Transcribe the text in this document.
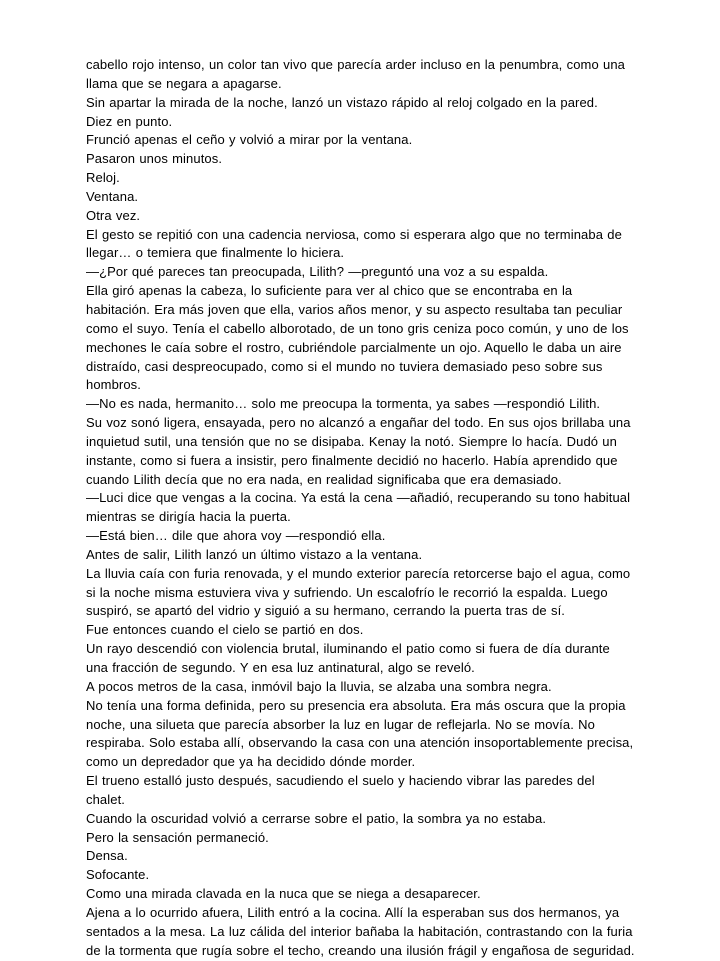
cabello rojo intenso, un color tan vivo que parecía arder incluso en la penumbra, como una llama que se negara a apagarse.

Sin apartar la mirada de la noche, lanzó un vistazo rápido al reloj colgado en la pared.

Diez en punto.

Frunció apenas el ceño y volvió a mirar por la ventana.

Pasaron unos minutos.

Reloj.

Ventana.

Otra vez.

El gesto se repitió con una cadencia nerviosa, como si esperara algo que no terminaba de llegar… o temiera que finalmente lo hiciera.

—¿Por qué pareces tan preocupada, Lilith? —preguntó una voz a su espalda.

Ella giró apenas la cabeza, lo suficiente para ver al chico que se encontraba en la habitación. Era más joven que ella, varios años menor, y su aspecto resultaba tan peculiar como el suyo. Tenía el cabello alborotado, de un tono gris ceniza poco común, y uno de los mechones le caía sobre el rostro, cubriéndole parcialmente un ojo. Aquello le daba un aire distraído, casi despreocupado, como si el mundo no tuviera demasiado peso sobre sus hombros.

—No es nada, hermanito… solo me preocupa la tormenta, ya sabes —respondió Lilith.

Su voz sonó ligera, ensayada, pero no alcanzó a engañar del todo. En sus ojos brillaba una inquietud sutil, una tensión que no se disipaba. Kenay la notó. Siempre lo hacía. Dudó un instante, como si fuera a insistir, pero finalmente decidió no hacerlo. Había aprendido que cuando Lilith decía que no era nada, en realidad significaba que era demasiado.

—Luci dice que vengas a la cocina. Ya está la cena —añadió, recuperando su tono habitual mientras se dirigía hacia la puerta.

—Está bien… dile que ahora voy —respondió ella.

Antes de salir, Lilith lanzó un último vistazo a la ventana.

La lluvia caía con furia renovada, y el mundo exterior parecía retorcerse bajo el agua, como si la noche misma estuviera viva y sufriendo. Un escalofrío le recorrió la espalda. Luego suspiró, se apartó del vidrio y siguió a su hermano, cerrando la puerta tras de sí.

Fue entonces cuando el cielo se partió en dos.

Un rayo descendió con violencia brutal, iluminando el patio como si fuera de día durante una fracción de segundo. Y en esa luz antinatural, algo se reveló.

A pocos metros de la casa, inmóvil bajo la lluvia, se alzaba una sombra negra.

No tenía una forma definida, pero su presencia era absoluta. Era más oscura que la propia noche, una silueta que parecía absorber la luz en lugar de reflejarla. No se movía. No respiraba. Solo estaba allí, observando la casa con una atención insoportablemente precisa, como un depredador que ya ha decidido dónde morder.

El trueno estalló justo después, sacudiendo el suelo y haciendo vibrar las paredes del chalet.

Cuando la oscuridad volvió a cerrarse sobre el patio, la sombra ya no estaba.

Pero la sensación permaneció.

Densa.

Sofocante.

Como una mirada clavada en la nuca que se niega a desaparecer.

Ajena a lo ocurrido afuera, Lilith entró a la cocina. Allí la esperaban sus dos hermanos, ya sentados a la mesa. La luz cálida del interior bañaba la habitación, contrastando con la furia de la tormenta que rugía sobre el techo, creando una ilusión frágil y engañosa de seguridad.
